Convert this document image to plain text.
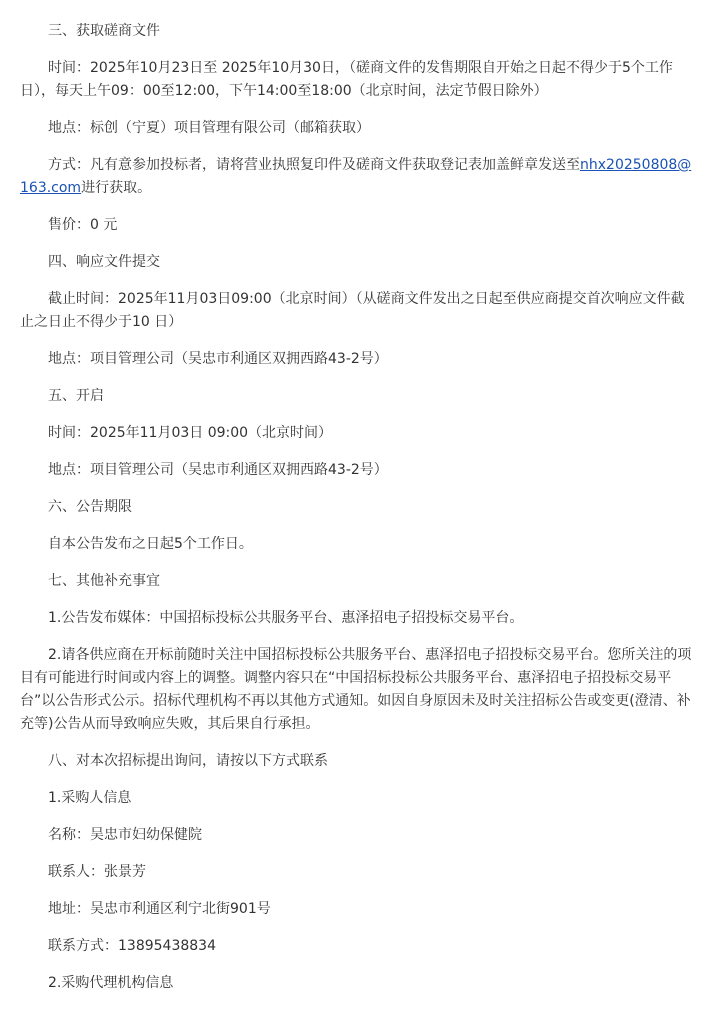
三、获取磋商文件

时间：2025年10月23日至 2025年10月30日，（磋商文件的发售期限自开始之日起不得少于5个工作日），每天上午09：00至12:00，下午14:00至18:00（北京时间，法定节假日除外）

地点：标创（宁夏）项目管理有限公司（邮箱获取）

方式：凡有意参加投标者，请将营业执照复印件及磋商文件获取登记表加盖鲜章发送至nhx20250808@163.com进行获取。

售价：0 元

四、响应文件提交

截止时间：2025年11月03日09:00（北京时间）（从磋商文件发出之日起至供应商提交首次响应文件截止之日止不得少于10 日）

地点：项目管理公司（吴忠市利通区双拥西路43-2号）

五、开启

时间：2025年11月03日 09:00（北京时间）

地点：项目管理公司（吴忠市利通区双拥西路43-2号）

六、公告期限

自本公告发布之日起5个工作日。

七、其他补充事宜

1.公告发布媒体：中国招标投标公共服务平台、惠泽招电子招投标交易平台。

2.请各供应商在开标前随时关注中国招标投标公共服务平台、惠泽招电子招投标交易平台。您所关注的项目有可能进行时间或内容上的调整。调整内容只在“中国招标投标公共服务平台、惠泽招电子招投标交易平台”以公告形式公示。招标代理机构不再以其他方式通知。如因自身原因未及时关注招标公告或变更(澄清、补充等)公告从而导致响应失败，其后果自行承担。

八、对本次招标提出询问，请按以下方式联系

1.采购人信息

名称：吴忠市妇幼保健院

联系人：张景芳

地址：吴忠市利通区利宁北街901号

联系方式：13895438834

2.采购代理机构信息
